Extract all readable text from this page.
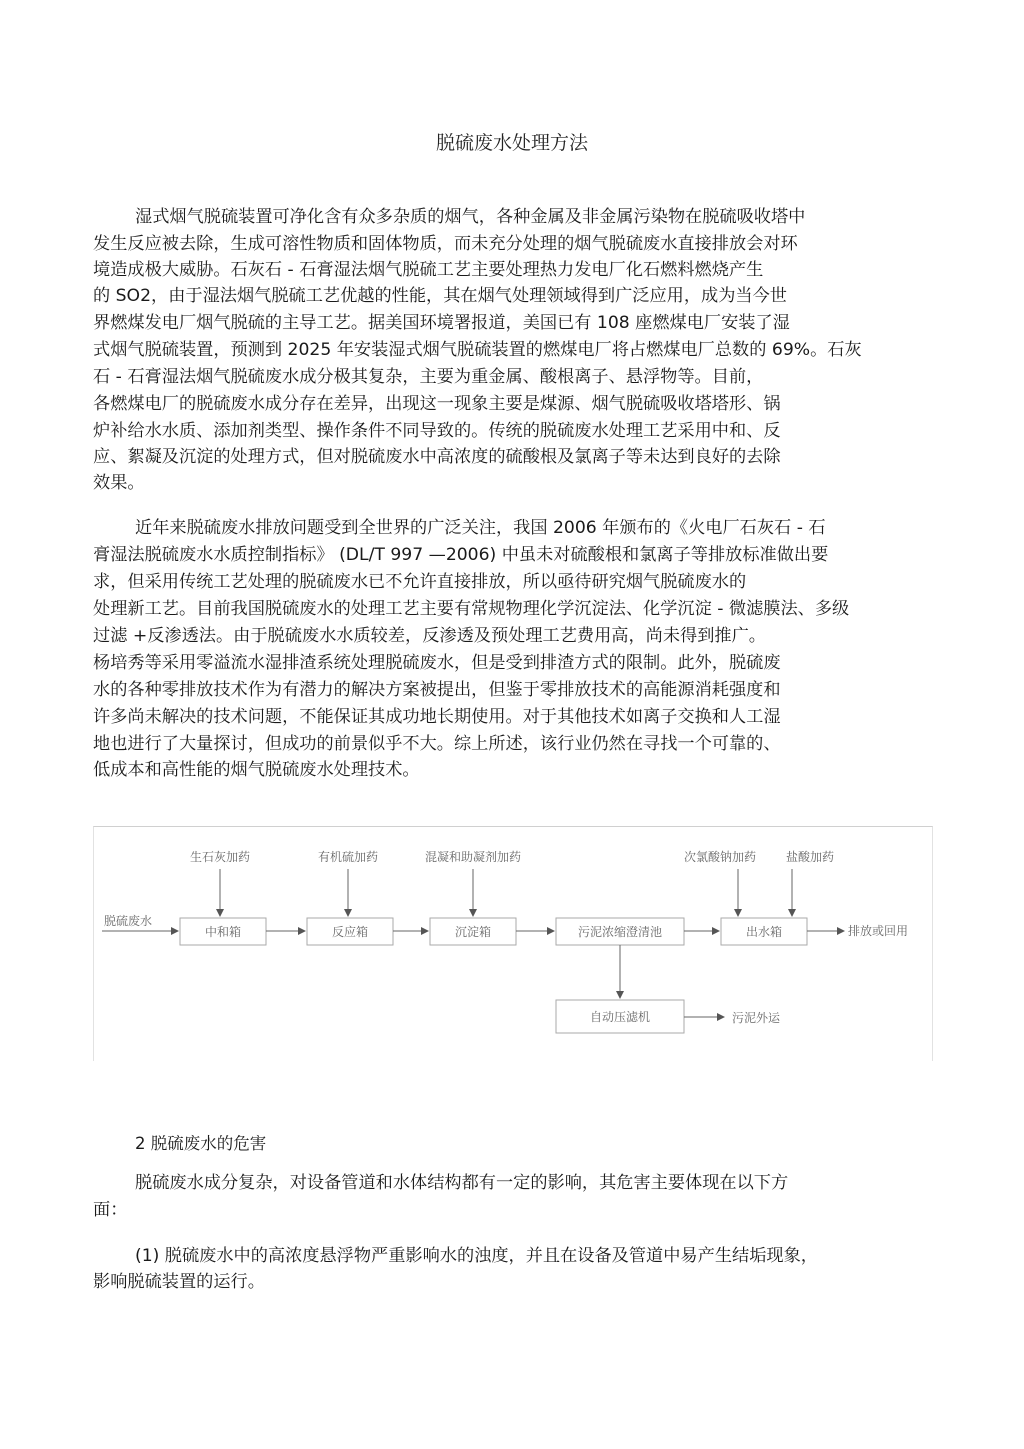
脱硫废水处理方法
湿式烟气脱硫装置可净化含有众多杂质的烟气，各种金属及非金属污染物在脱硫吸收塔中
发生反应被去除，生成可溶性物质和固体物质，而未充分处理的烟气脱硫废水直接排放会对环
境造成极大威胁。石灰石 - 石膏湿法烟气脱硫工艺主要处理热力发电厂化石燃料燃烧产生
的 SO2，由于湿法烟气脱硫工艺优越的性能，其在烟气处理领域得到广泛应用，成为当今世
界燃煤发电厂烟气脱硫的主导工艺。据美国环境署报道，美国已有 108 座燃煤电厂安装了湿
式烟气脱硫装置，预测到 2025 年安装湿式烟气脱硫装置的燃煤电厂将占燃煤电厂总数的 69%。石灰
石 - 石膏湿法烟气脱硫废水成分极其复杂，主要为重金属、酸根离子、悬浮物等。目前，
各燃煤电厂的脱硫废水成分存在差异，出现这一现象主要是煤源、烟气脱硫吸收塔塔形、锅
炉补给水水质、添加剂类型、操作条件不同导致的。传统的脱硫废水处理工艺采用中和、反
应、絮凝及沉淀的处理方式，但对脱硫废水中高浓度的硫酸根及氯离子等未达到良好的去除
效果。
近年来脱硫废水排放问题受到全世界的广泛关注，我国 2006 年颁布的《火电厂石灰石 - 石
膏湿法脱硫废水水质控制指标》 (DL/T 997 —2006) 中虽未对硫酸根和氯离子等排放标准做出要
求，但采用传统工艺处理的脱硫废水已不允许直接排放，所以亟待研究烟气脱硫废水的
处理新工艺。目前我国脱硫废水的处理工艺主要有常规物理化学沉淀法、化学沉淀 - 微滤膜法、多级
过滤 +反渗透法。由于脱硫废水水质较差，反渗透及预处理工艺费用高，尚未得到推广。
杨培秀等采用零溢流水湿排渣系统处理脱硫废水，但是受到排渣方式的限制。此外，脱硫废
水的各种零排放技术作为有潜力的解决方案被提出，但鉴于零排放技术的高能源消耗强度和
许多尚未解决的技术问题，不能保证其成功地长期使用。对于其他技术如离子交换和人工湿
地也进行了大量探讨，但成功的前景似乎不大。综上所述，该行业仍然在寻找一个可靠的、
低成本和高性能的烟气脱硫废水处理技术。
脱硫废水
中和箱	反应箱	沉淀箱	污泥浓缩澄清池	出水箱
自动压滤机
排放或回用
污泥外运
生石灰加药	有机硫加药	混凝和助凝剂加药	次氯酸钠加药 盐酸加药
2 脱硫废水的危害
脱硫废水成分复杂，对设备管道和水体结构都有一定的影响，其危害主要体现在以下方
面：
(1) 脱硫废水中的高浓度悬浮物严重影响水的浊度，并且在设备及管道中易产生结垢现象，
影响脱硫装置的运行。
